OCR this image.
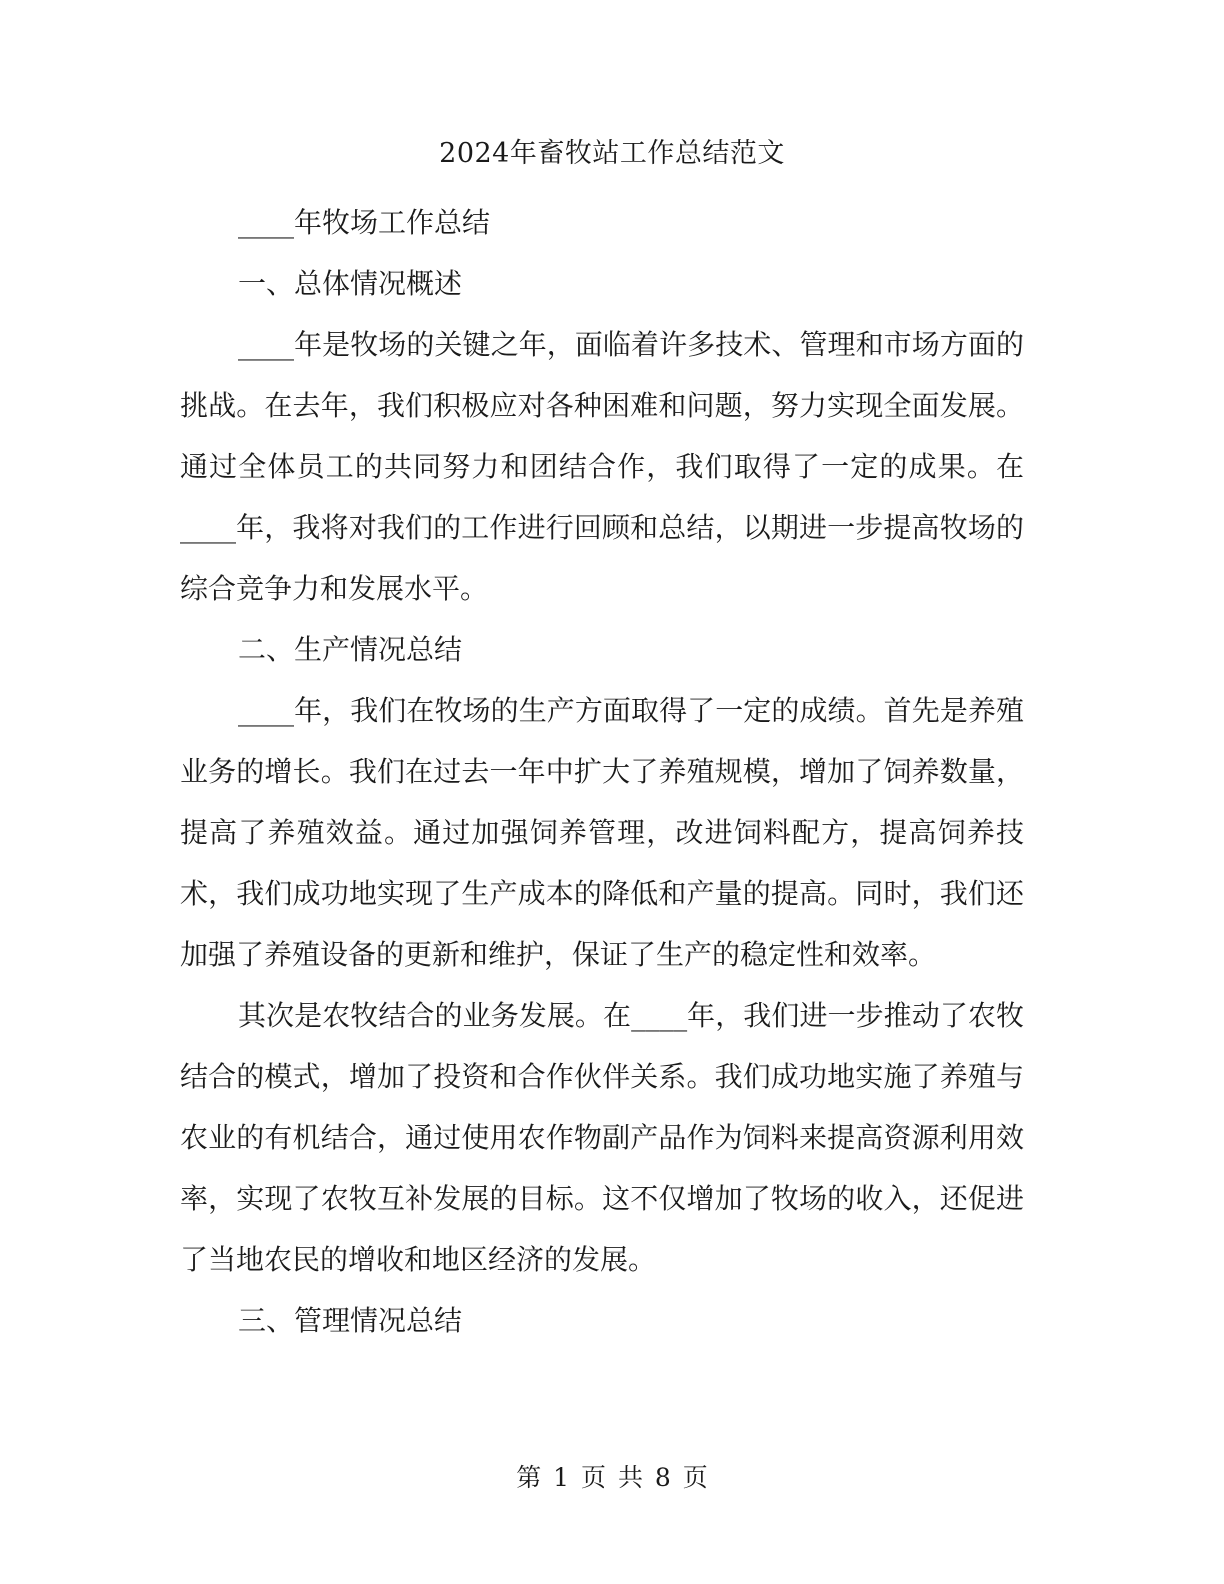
2024年畜牧站工作总结范文

____年牧场工作总结

一、总体情况概述

____年是牧场的关键之年，面临着许多技术、管理和市场方面的挑战。在去年，我们积极应对各种困难和问题，努力实现全面发展。通过全体员工的共同努力和团结合作，我们取得了一定的成果。在____年，我将对我们的工作进行回顾和总结，以期进一步提高牧场的综合竞争力和发展水平。

二、生产情况总结

____年，我们在牧场的生产方面取得了一定的成绩。首先是养殖业务的增长。我们在过去一年中扩大了养殖规模，增加了饲养数量，提高了养殖效益。通过加强饲养管理，改进饲料配方，提高饲养技术，我们成功地实现了生产成本的降低和产量的提高。同时，我们还加强了养殖设备的更新和维护，保证了生产的稳定性和效率。

其次是农牧结合的业务发展。在____年，我们进一步推动了农牧结合的模式，增加了投资和合作伙伴关系。我们成功地实施了养殖与农业的有机结合，通过使用农作物副产品作为饲料来提高资源利用效率，实现了农牧互补发展的目标。这不仅增加了牧场的收入，还促进了当地农民的增收和地区经济的发展。

三、管理情况总结

第 1 页 共 8 页
